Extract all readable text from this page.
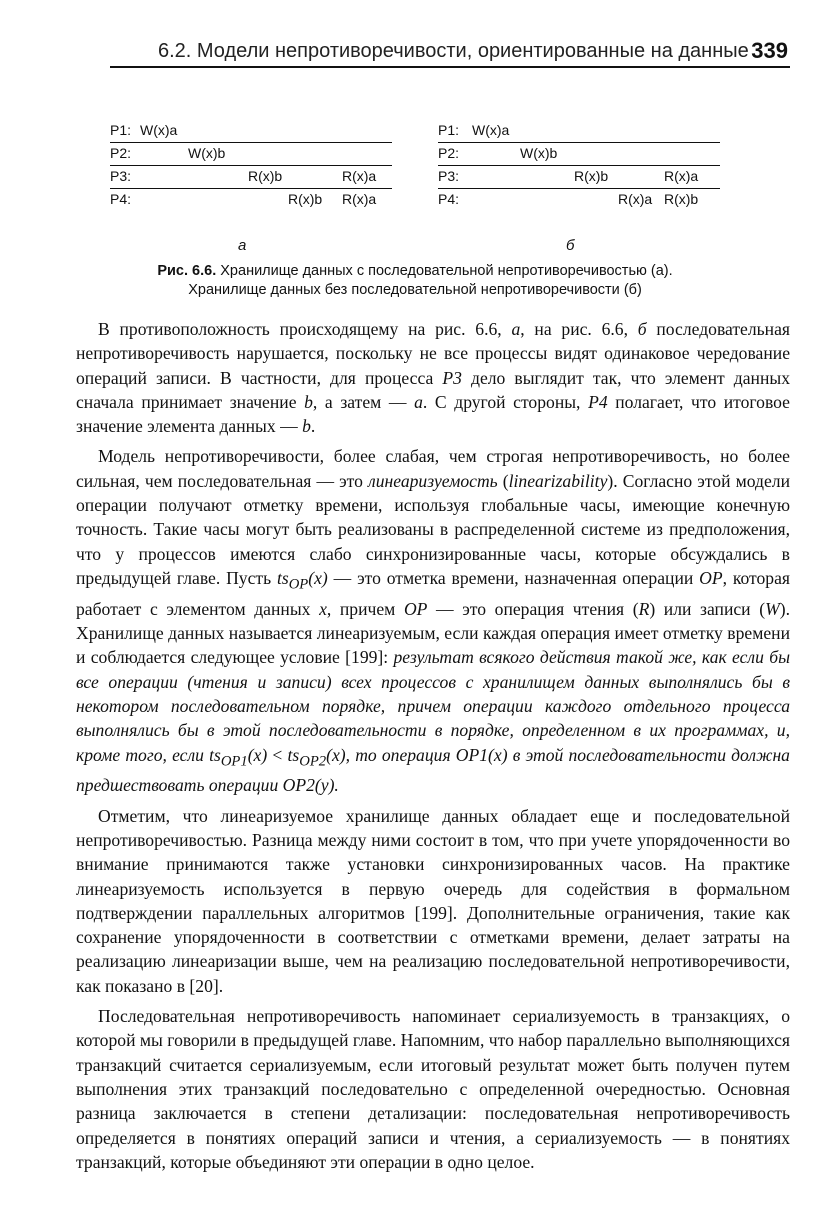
6.2. Модели непротиворечивости, ориентированные на данные 339
P1: W(x)a
P2:	W(x)b
P3:	R(x)b	R(x)a
P4:	R(x)b R(x)a
P1: W(x)a
P2:	W(x)b
P3:	R(x)b	R(x)a
P4:	R(x)a R(x)b
а	б
Рис. 6.6. Хранилище данных с последовательной непротиворечивостью (а).
Хранилище данных без последовательной непротиворечивости (б)

В противоположность происходящему на рис. 6.6, а, на рис. 6.6, б последовательная непротиворечивость нарушается, поскольку не все процессы видят одинаковое чередование операций записи. В частности, для процесса P3 дело выглядит так, что элемент данных сначала принимает значение b, а затем — a. С другой стороны, P4 полагает, что итоговое значение элемента данных — b.

Модель непротиворечивости, более слабая, чем строгая непротиворечивость, но более сильная, чем последовательная — это линеаризуемость (linearizability). Согласно этой модели операции получают отметку времени, используя глобальные часы, имеющие конечную точность. Такие часы могут быть реализованы в распределенной системе из предположения, что у процессов имеются слабо синхронизированные часы, которые обсуждались в предыдущей главе. Пусть $ts_{OP}(x)$ — это отметка времени, назначенная операции OP, которая работает с элементом данных x, причем OP — это операция чтения (R) или записи (W). Хранилище данных называется линеаризуемым, если каждая операция имеет отметку времени и соблюдается следующее условие [199]: результат всякого действия такой же, как если бы все операции (чтения и записи) всех процессов с хранилищем данных выполнялись бы в некотором последовательном порядке, причем операции каждого отдельного процесса выполнялись бы в этой последовательности в порядке, определенном в их программах, и, кроме того, если $ts_{OP1}(x) < ts_{OP2}(x)$, то операция OP1(x) в этой последовательности должна предшествовать операции OP2(y).

Отметим, что линеаризуемое хранилище данных обладает еще и последовательной непротиворечивостью. Разница между ними состоит в том, что при учете упорядоченности во внимание принимаются также установки синхронизированных часов. На практике линеаризуемость используется в первую очередь для содействия в формальном подтверждении параллельных алгоритмов [199]. Дополнительные ограничения, такие как сохранение упорядоченности в соответствии с отметками времени, делает затраты на реализацию линеаризации выше, чем на реализацию последовательной непротиворечивости, как показано в [20].

Последовательная непротиворечивость напоминает сериализуемость в транзакциях, о которой мы говорили в предыдущей главе. Напомним, что набор параллельно выполняющихся транзакций считается сериализуемым, если итоговый результат может быть получен путем выполнения этих транзакций последовательно с определенной очередностью. Основная разница заключается в степени детализации: последовательная непротиворечивость определяется в понятиях операций записи и чтения, а сериализуемость — в понятиях транзакций, которые объединяют эти операции в одно целое.
